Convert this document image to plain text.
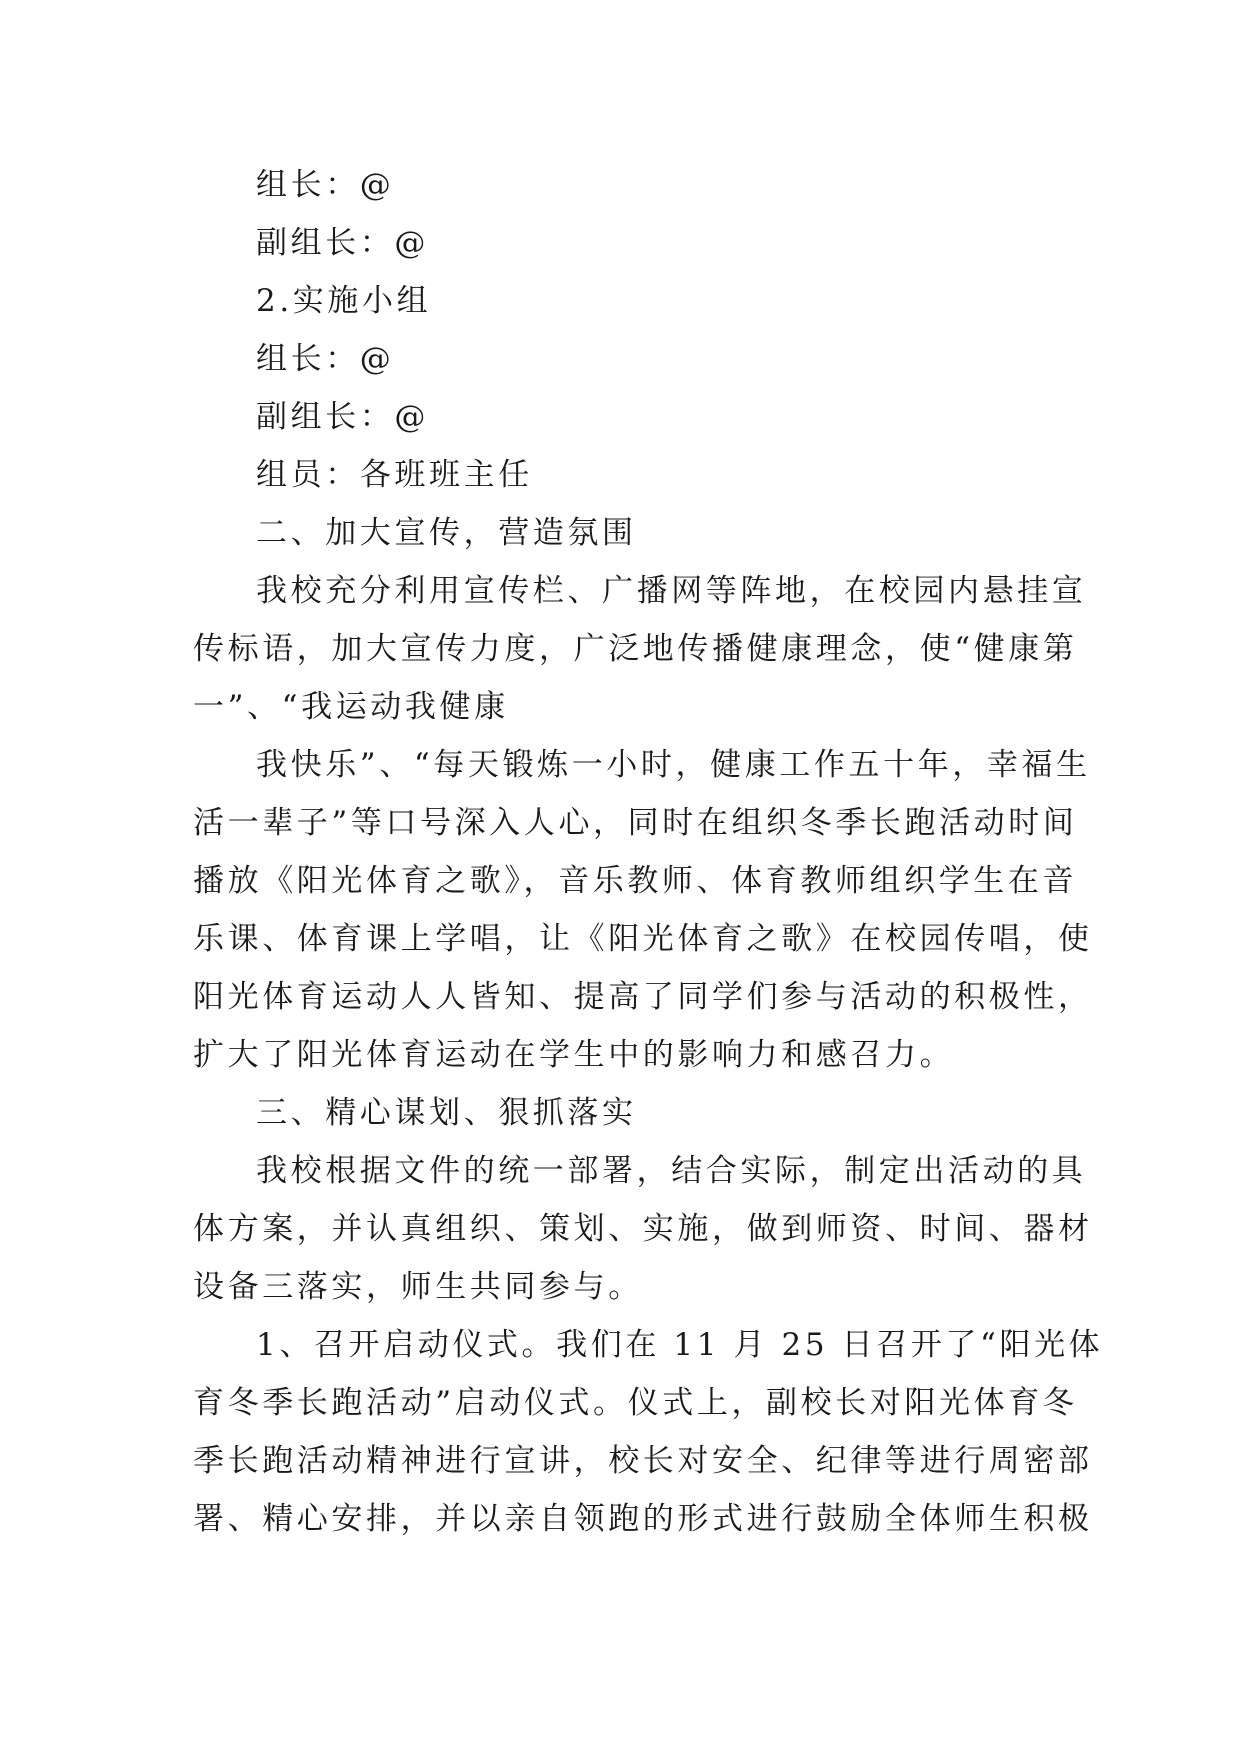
组长：@
副组长：@
2.实施小组
组长：@
副组长：@
组员：各班班主任
二、加大宣传，营造氛围
我校充分利用宣传栏、广播网等阵地，在校园内悬挂宣
传标语，加大宣传力度，广泛地传播健康理念，使“健康第
一”、“我运动我健康
我快乐”、“每天锻炼一小时，健康工作五十年，幸福生
活一辈子”等口号深入人心，同时在组织冬季长跑活动时间
播放《阳光体育之歌》，音乐教师、体育教师组织学生在音
乐课、体育课上学唱，让《阳光体育之歌》在校园传唱，使
阳光体育运动人人皆知、提高了同学们参与活动的积极性，
扩大了阳光体育运动在学生中的影响力和感召力。
三、精心谋划、狠抓落实
我校根据文件的统一部署，结合实际，制定出活动的具
体方案，并认真组织、策划、实施，做到师资、时间、器材
设备三落实，师生共同参与。
1、召开启动仪式。我们在 11 月 25 日召开了“阳光体
育冬季长跑活动”启动仪式。仪式上，副校长对阳光体育冬
季长跑活动精神进行宣讲，校长对安全、纪律等进行周密部
署、精心安排，并以亲自领跑的形式进行鼓励全体师生积极
